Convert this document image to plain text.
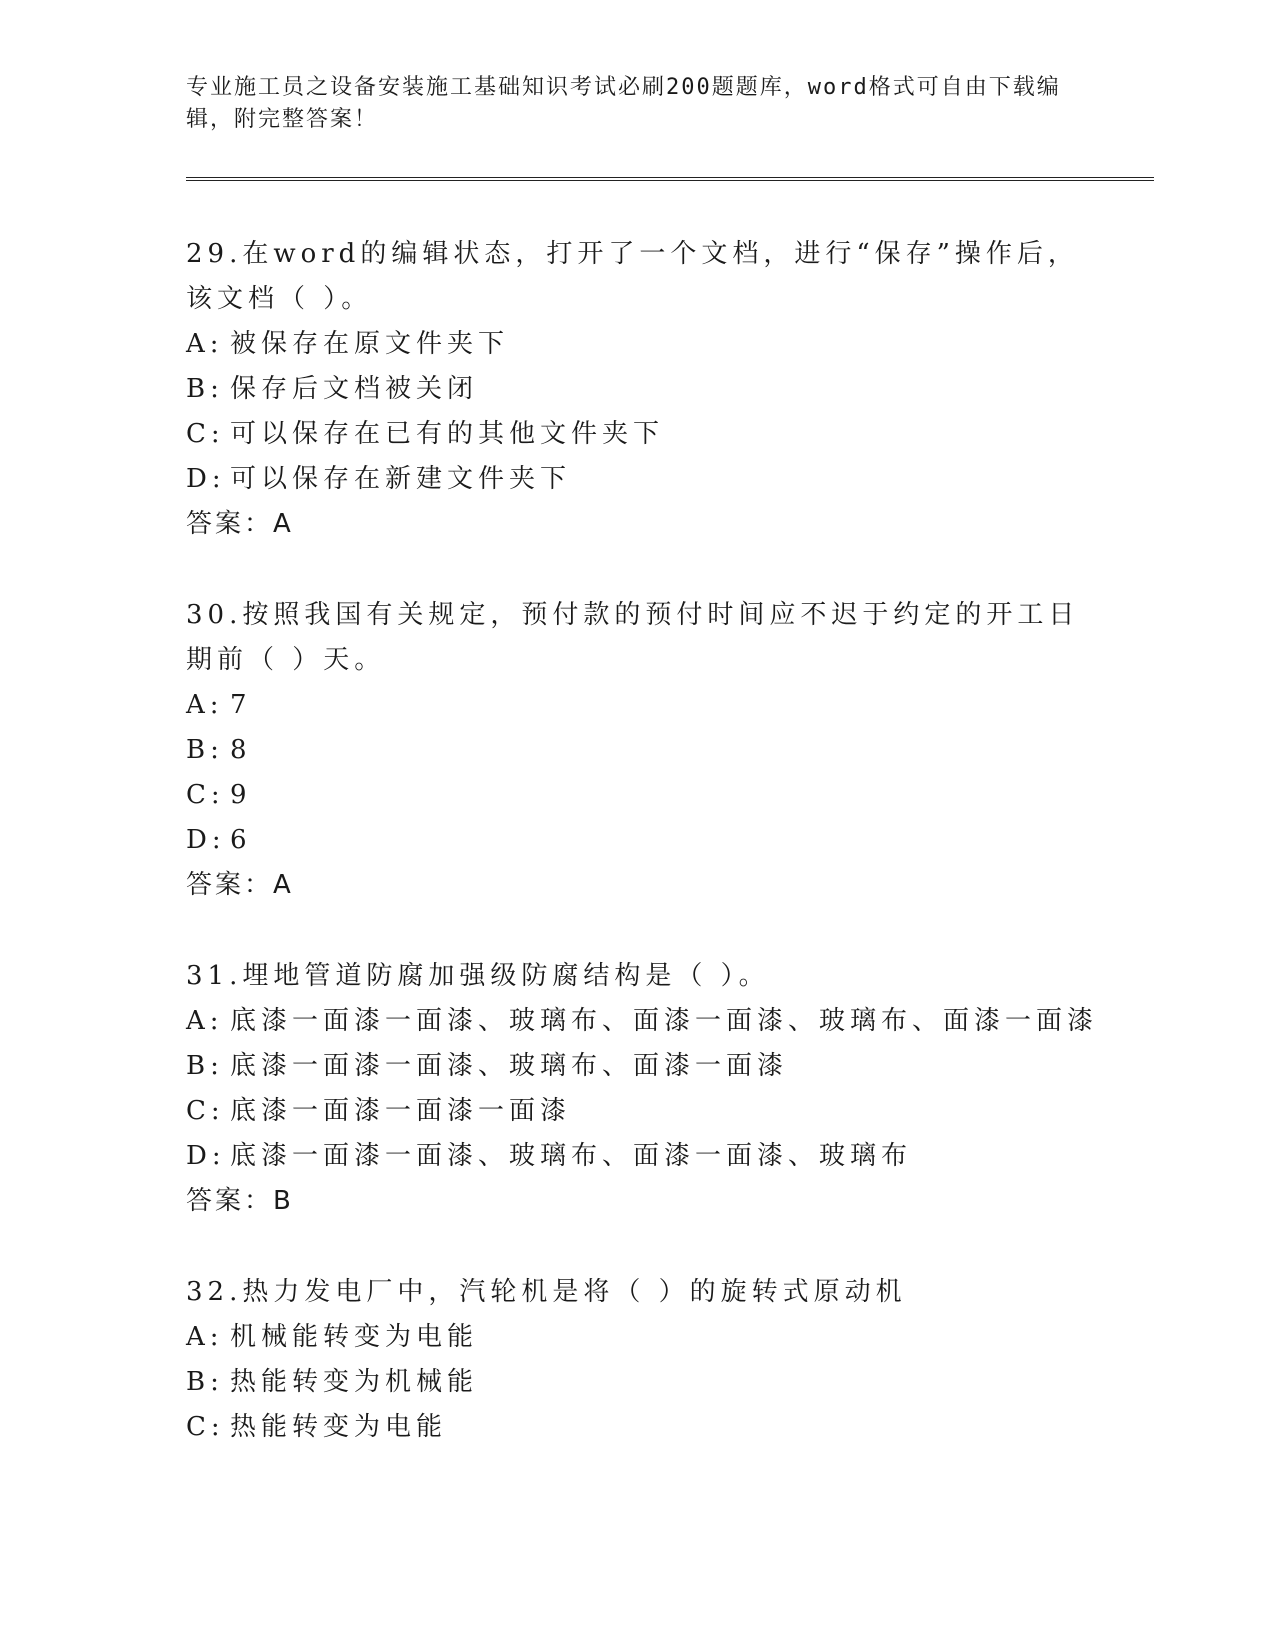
专业施工员之设备安装施工基础知识考试必刷200题题库，word格式可自由下载编辑，附完整答案！

29.在word的编辑状态，打开了一个文档，进行“保存”操作后，该文档（ ）。

A: 被保存在原文件夹下

B: 保存后文档被关闭

C: 可以保存在已有的其他文件夹下

D: 可以保存在新建文件夹下

答案：A

30.按照我国有关规定，预付款的预付时间应不迟于约定的开工日期前（ ）天。

A: 7

B: 8

C: 9

D: 6

答案：A

31.埋地管道防腐加强级防腐结构是（ ）。

A: 底漆一面漆一面漆、玻璃布、面漆一面漆、玻璃布、面漆一面漆

B: 底漆一面漆一面漆、玻璃布、面漆一面漆

C: 底漆一面漆一面漆一面漆

D: 底漆一面漆一面漆、玻璃布、面漆一面漆、玻璃布

答案：B

32.热力发电厂中，汽轮机是将（ ）的旋转式原动机

A: 机械能转变为电能

B: 热能转变为机械能

C: 热能转变为电能
